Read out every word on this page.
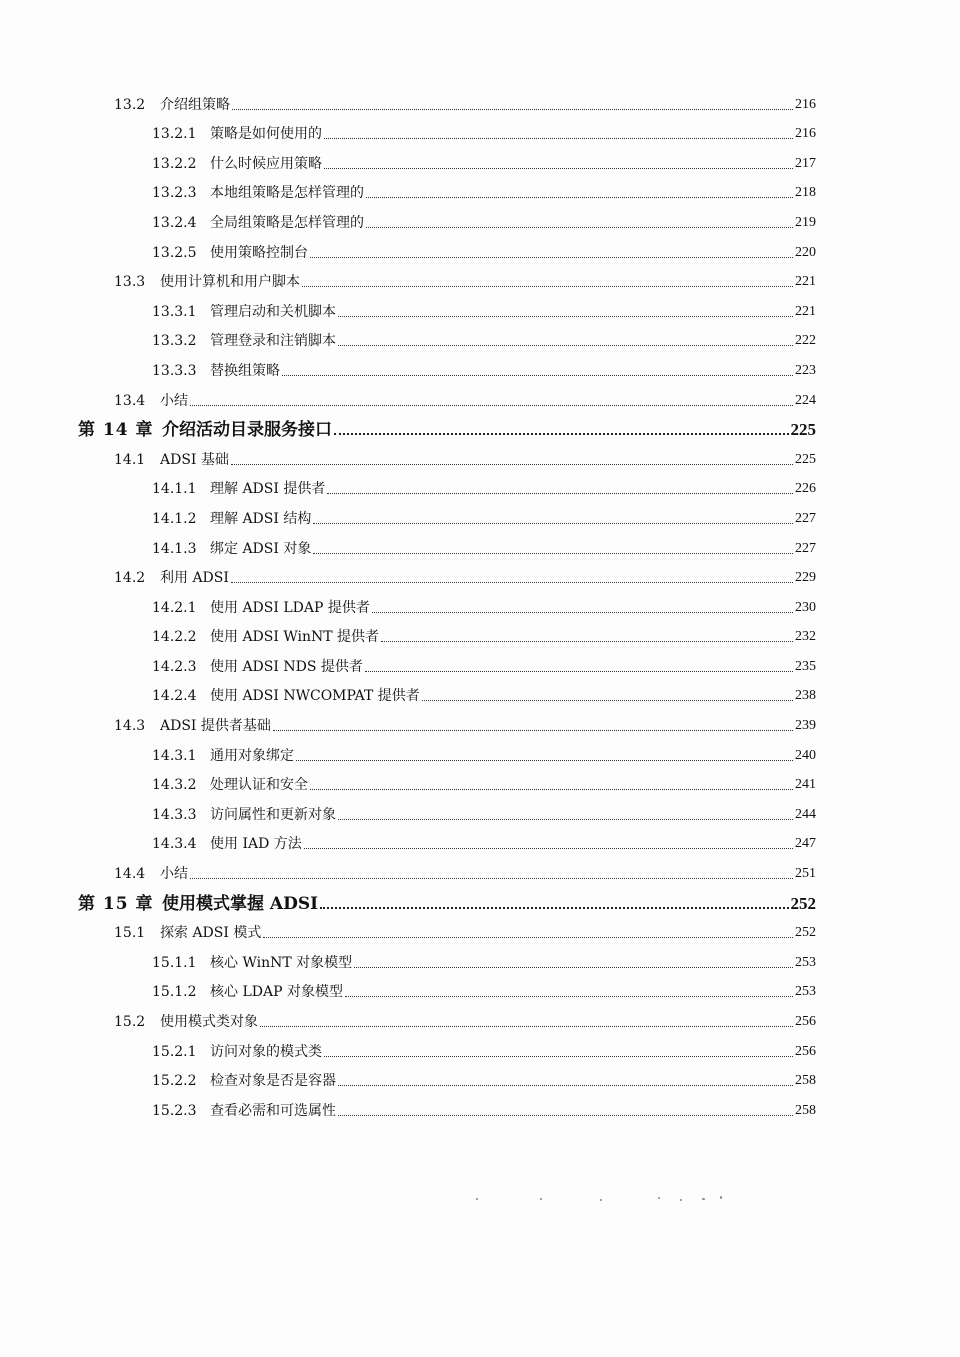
13.2	介绍组策略	216
13.2.1 策略是如何使用的	216
13.2.2 什么时候应用策略	217
13.2.3 本地组策略是怎样管理的	218
13.2.4 全局组策略是怎样管理的	219
13.2.5 使用策略控制台	220
13.3	使用计算机和用户脚本	221
13.3.1 管理启动和关机脚本	221
13.3.2 管理登录和注销脚本	222
13.3.3 替换组策略	223
13.4	小结	224
第 14 章 介绍活动目录服务接口	225
14.1	ADSI 基础	225
14.1.1 理解 ADSI 提供者	226
14.1.2 理解 ADSI 结构	227
14.1.3 绑定 ADSI 对象	227
14.2	利用 ADSI	229
14.2.1 使用 ADSI LDAP 提供者	230
14.2.2 使用 ADSI WinNT 提供者	232
14.2.3 使用 ADSI NDS 提供者	235
14.2.4 使用 ADSI NWCOMPAT 提供者	238
14.3	ADSI 提供者基础	239
14.3.1 通用对象绑定	240
14.3.2 处理认证和安全	241
14.3.3 访问属性和更新对象	244
14.3.4 使用 IAD 方法	247
14.4	小结	251
第 15 章 使用模式掌握 ADSI	252
15.1	探索 ADSI 模式	252
15.1.1 核心 WinNT 对象模型	253
15.1.2 核心 LDAP 对象模型	253
15.2	使用模式类对象	256
15.2.1 访问对象的模式类	256
15.2.2 检查对象是否是容器	258
15.2.3 查看必需和可选属性	258
